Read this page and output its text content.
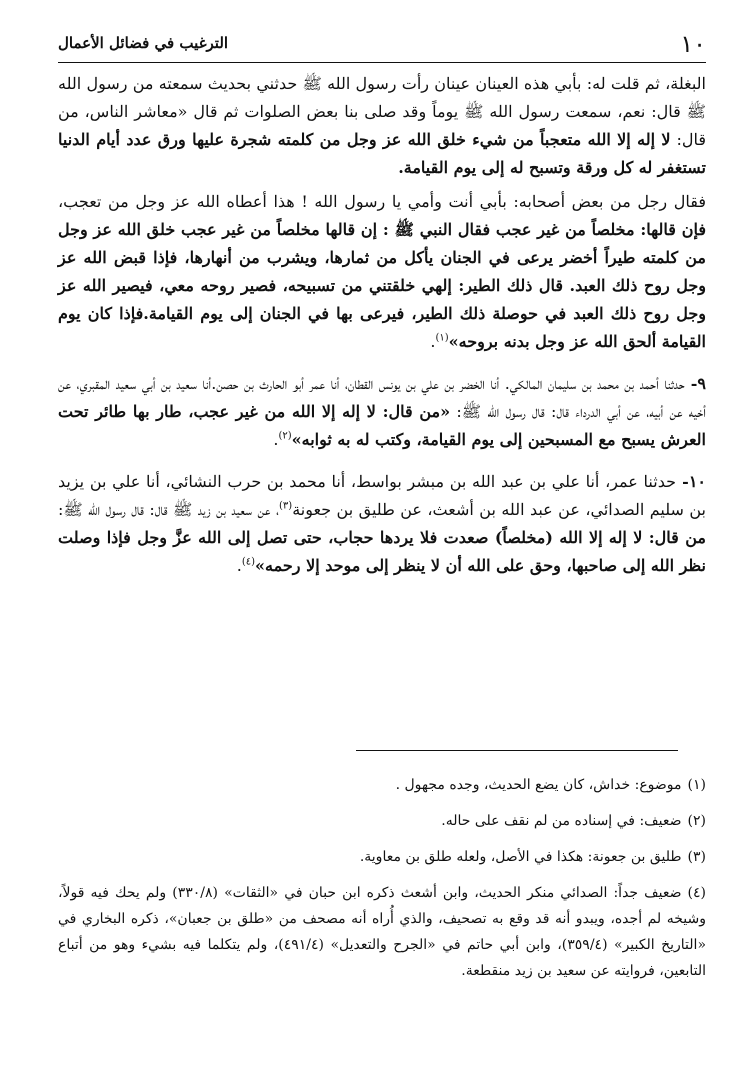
١٠
الترغيب في فضائل الأعمال

البغلة، ثم قلت له: بأبي هذه العينان عينان رأت رسول الله ﷺ حدثني بحديث سمعته من رسول الله ﷺ قال: نعم، سمعت رسول الله ﷺ يوماً وقد صلى بنا بعض الصلوات ثم قال «معاشر الناس، من قال: لا إله إلا الله متعجباً من شيء خلق الله عز وجل من كلمته شجرة عليها ورق عدد أيام الدنيا تستغفر له كل ورقة وتسبح له إلى يوم القيامة.

فقال رجل من بعض أصحابه: بأبي أنت وأمي يا رسول الله ! هذا أعطاه الله عز وجل من تعجب، فإن قالها: مخلصاً من غير عجب فقال النبي ﷺ : إن قالها مخلصاً من غير عجب خلق الله عز وجل من كلمته طيراً أخضر يرعى في الجنان يأكل من ثمارها، ويشرب من أنهارها، فإذا قبض الله عز وجل روح ذلك العبد. قال ذلك الطير: إلهي خلقتني من تسبيحه، فصير روحه معي، فيصير الله عز وجل روح ذلك العبد في حوصلة ذلك الطير، فيرعى بها في الجنان إلى يوم القيامة.فإذا كان يوم القيامة ألحق الله عز وجل بدنه بروحه»$^{(١)}$.

٩- حدثنا أحمد بن محمد بن سليمان المالكي. أنا الخضر بن علي بن يونس القطان، أنا عمر أبو الحارث بن حصن.أنا سعيد بن أبي سعيد المقبري، عن أخيه عن أبيه، عن أبي الدرداء قال: قال رسول الله ﷺ: «من قال: لا إله إلا الله من غير عجب، طار بها طائر تحت العرش يسبح مع المسبحين إلى يوم القيامة، وكتب له به ثوابه»$^{(٢)}$.

١٠- حدثنا عمر، أنا علي بن عبد الله بن مبشر بواسط، أنا محمد بن حرب النشائي، أنا علي بن يزيد بن سليم الصدائي، عن عبد الله بن أشعث، عن طليق بن جعونة$^{(٣)}$، عن سعيد بن زيد ﷺ قال: قال رسول الله ﷺ: من قال: لا إله إلا الله (مخلصاً) صعدت فلا يردها حجاب، حتى تصل إلى الله عزَّ وجل فإذا وصلت نظر الله إلى صاحبها، وحق على الله أن لا ينظر إلى موحد إلا رحمه»$^{(٤)}$.

(١)موضوع: خداش، كان يضع الحديث، وجده مجهول .

(٢)ضعيف: في إسناده من لم نقف على حاله.

(٣)طليق بن جعونة: هكذا في الأصل، ولعله طلق بن معاوية.

(٤)ضعيف جداً: الصدائي منكر الحديث، وابن أشعث ذكره ابن حبان في «الثقات» (٣٣٠/٨) ولم يحك فيه قولاً، وشيخه لم أجده، ويبدو أنه قد وقع به تصحيف، والذي أُراه أنه مصحف من «طلق بن جعبان»، ذكره البخاري في «التاريخ الكبير» (٣٥٩/٤)، وابن أبي حاتم في «الجرح والتعديل» (٤٩١/٤)، ولم يتكلما فيه بشيء وهو من أتباع التابعين، فروايته عن سعيد بن زيد منقطعة.
